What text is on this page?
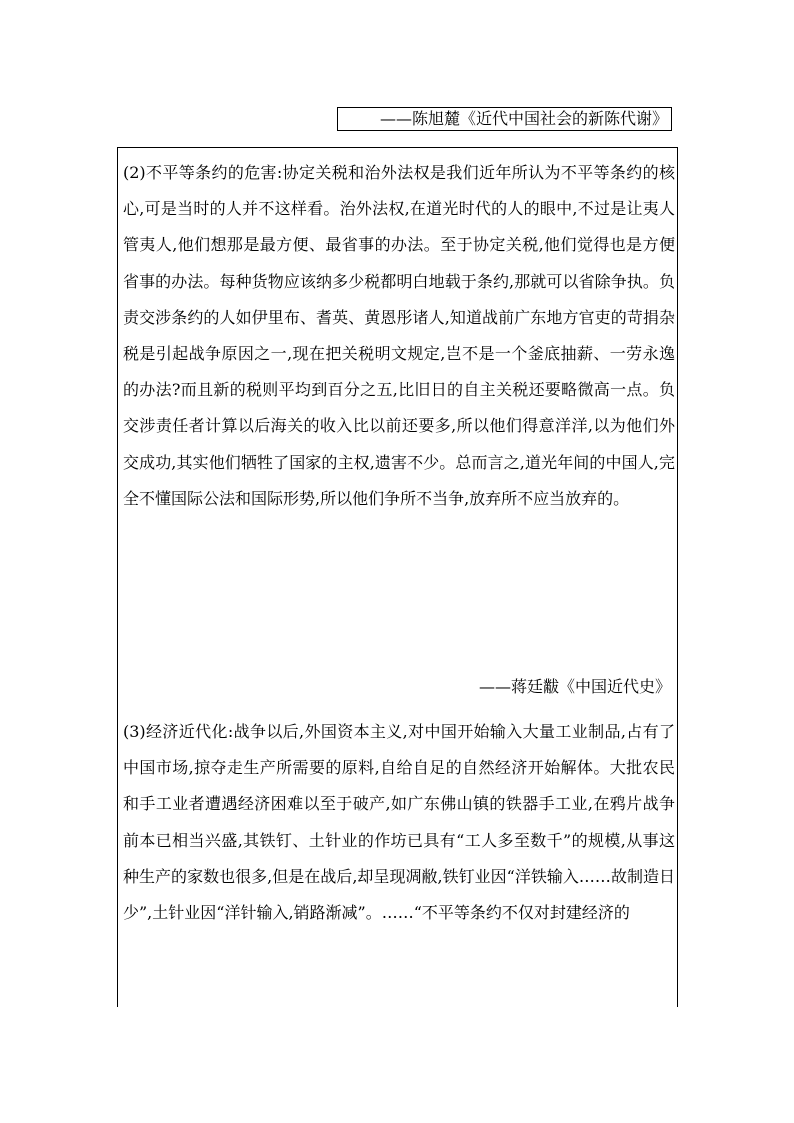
——陈旭麓《近代中国社会的新陈代谢》

(2)不平等条约的危害:协定关税和治外法权是我们近年所认为不平等条约的核心,可是当时的人并不这样看。治外法权,在道光时代的人的眼中,不过是让夷人管夷人,他们想那是最方便、最省事的办法。至于协定关税,他们觉得也是方便省事的办法。每种货物应该纳多少税都明白地载于条约,那就可以省除争执。负责交涉条约的人如伊里布、耆英、黄恩彤诸人,知道战前广东地方官吏的苛捐杂税是引起战争原因之一,现在把关税明文规定,岂不是一个釜底抽薪、一劳永逸的办法?而且新的税则平均到百分之五,比旧日的自主关税还要略微高一点。负交涉责任者计算以后海关的收入比以前还要多,所以他们得意洋洋,以为他们外交成功,其实他们牺牲了国家的主权,遗害不少。总而言之,道光年间的中国人,完全不懂国际公法和国际形势,所以他们争所不当争,放弃所不应当放弃的。

——蒋廷黻《中国近代史》

(3)经济近代化:战争以后,外国资本主义,对中国开始输入大量工业制品,占有了中国市场,掠夺走生产所需要的原料,自给自足的自然经济开始解体。大批农民和手工业者遭遇经济困难以至于破产,如广东佛山镇的铁器手工业,在鸦片战争前本已相当兴盛,其铁钉、土针业的作坊已具有“工人多至数千”的规模,从事这种生产的家数也很多,但是在战后,却呈现凋敝,铁钉业因“洋铁输入……故制造日少”,土针业因“洋针输入,销路渐减”。……“不平等条约不仅对封建经济的
